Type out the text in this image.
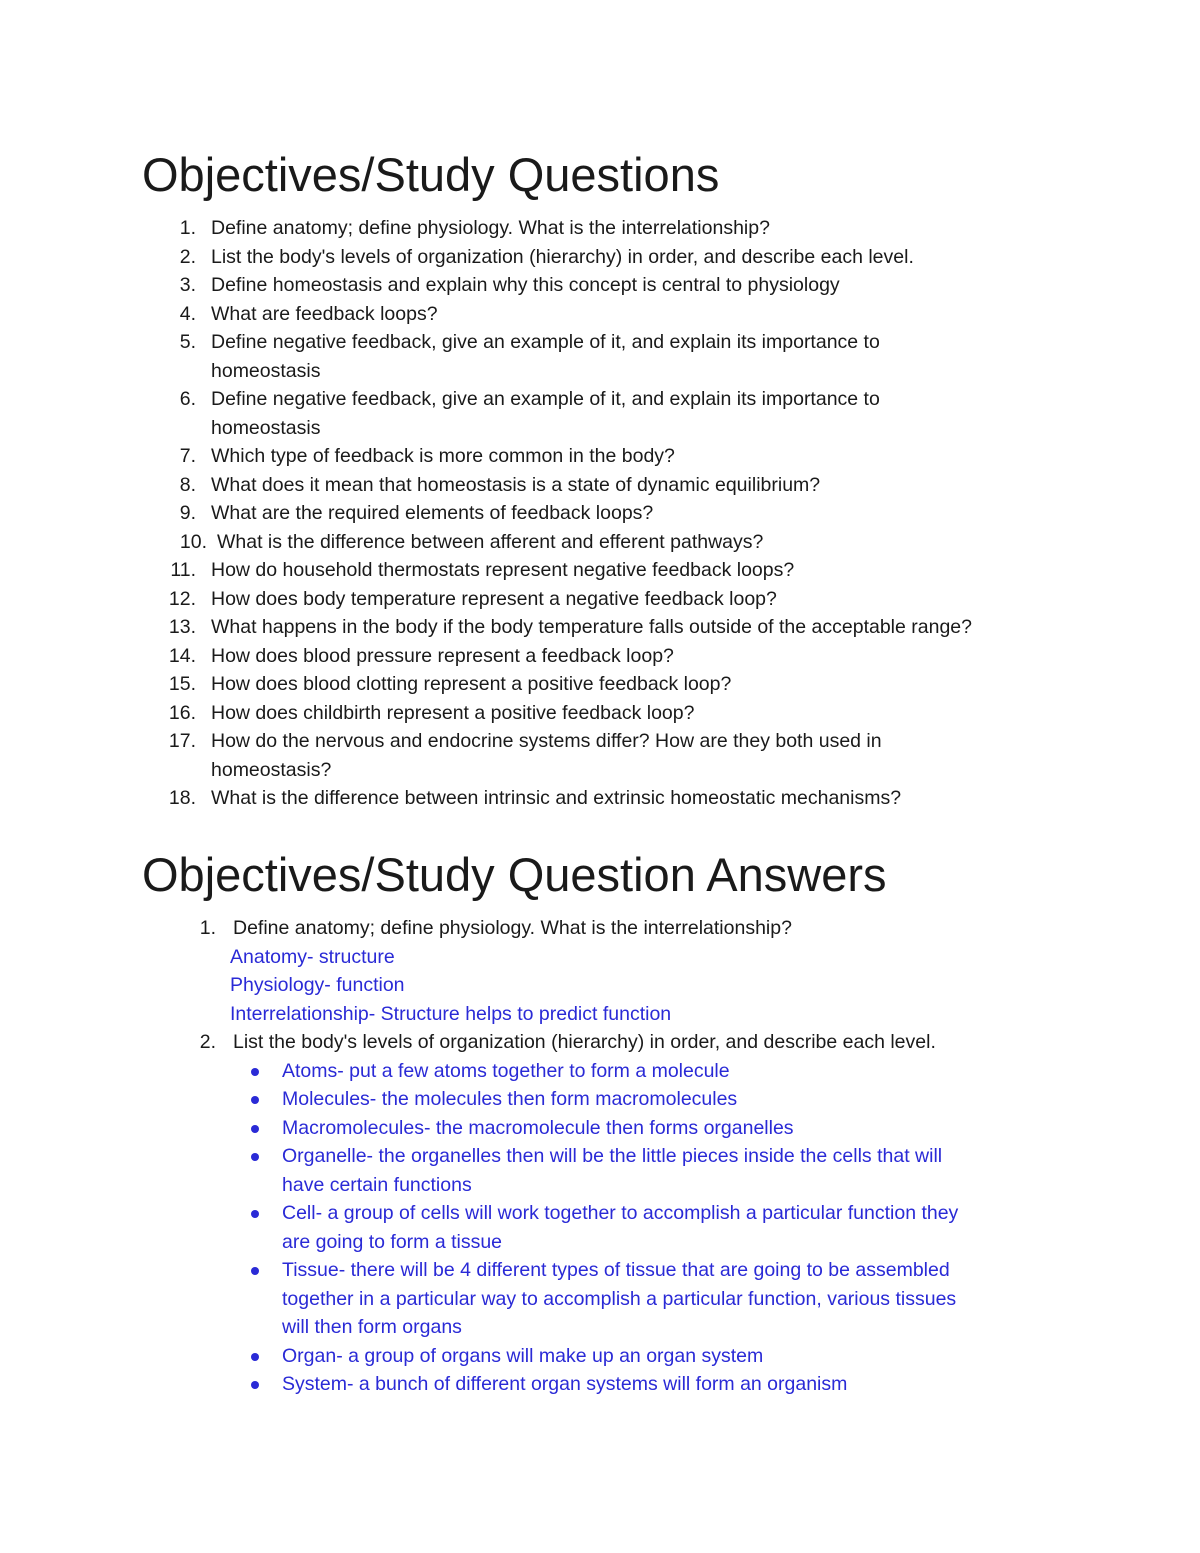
Objectives/Study Questions
1. Define anatomy; define physiology. What is the interrelationship?
2. List the body's levels of organization (hierarchy) in order, and describe each level.
3. Define homeostasis and explain why this concept is central to physiology
4. What are feedback loops?
5. Define negative feedback, give an example of it, and explain its importance to
homeostasis
6. Define negative feedback, give an example of it, and explain its importance to
homeostasis
7. Which type of feedback is more common in the body?
8. What does it mean that homeostasis is a state of dynamic equilibrium?
9. What are the required elements of feedback loops?
10. What is the difference between afferent and efferent pathways?
11. How do household thermostats represent negative feedback loops?
12. How does body temperature represent a negative feedback loop?
13. What happens in the body if the body temperature falls outside of the acceptable range?
14. How does blood pressure represent a feedback loop?
15. How does blood clotting represent a positive feedback loop?
16. How does childbirth represent a positive feedback loop?
17. How do the nervous and endocrine systems differ? How are they both used in
homeostasis?
18. What is the difference between intrinsic and extrinsic homeostatic mechanisms?
Objectives/Study Question Answers
1. Define anatomy; define physiology. What is the interrelationship?
Anatomy- structure
Physiology- function
Interrelationship- Structure helps to predict function
2. List the body's levels of organization (hierarchy) in order, and describe each level.
Atoms- put a few atoms together to form a molecule
Molecules- the molecules then form macromolecules
Macromolecules- the macromolecule then forms organelles
Organelle- the organelles then will be the little pieces inside the cells that will
have certain functions
Cell- a group of cells will work together to accomplish a particular function they
are going to form a tissue
Tissue- there will be 4 different types of tissue that are going to be assembled
together in a particular way to accomplish a particular function, various tissues
will then form organs
Organ- a group of organs will make up an organ system
System- a bunch of different organ systems will form an organism
